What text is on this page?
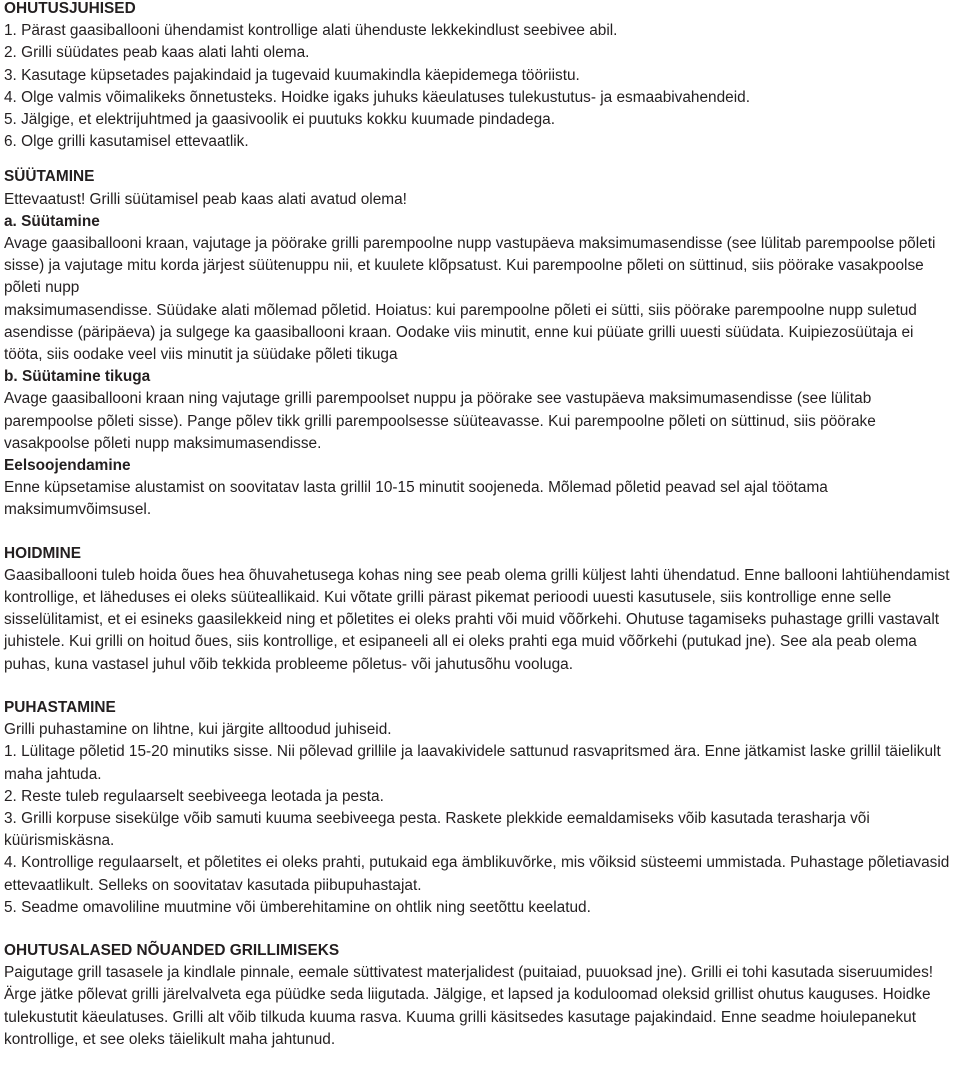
OHUTUSJUHISED
1. Pärast gaasiballooni ühendamist kontrollige alati ühenduste lekkekindlust seebivee abil.
2. Grilli süüdates peab kaas alati lahti olema.
3. Kasutage küpsetades pajakindaid ja tugevaid kuumakindla käepidemega tööriistu.
4. Olge valmis võimalikeks õnnetusteks. Hoidke igaks juhuks käeulatuses tulekustutus- ja esmaabivahendeid.
5. Jälgige, et elektrijuhtmed ja gaasivoolik ei puutuks kokku kuumade pindadega.
6. Olge grilli kasutamisel ettevaatlik.
SÜÜTAMINE
Ettevaatust! Grilli süütamisel peab kaas alati avatud olema!
a. Süütamine
Avage gaasiballooni kraan, vajutage ja pöörake grilli parempoolne nupp vastupäeva maksimumasendisse (see lülitab parempoolse põleti sisse) ja vajutage mitu korda järjest süütenuppu nii, et kuulete klõpsatust. Kui parempoolne põleti on süttinud, siis pöörake vasakpoolse põleti nupp
maksimumasendisse. Süüdake alati mõlemad põletid. Hoiatus: kui parempoolne põleti ei sütti, siis pöörake parempoolne nupp suletud asendisse (päripäeva) ja sulgege ka gaasiballooni kraan. Oodake viis minutit, enne kui püüate grilli uuesti süüdata. Kuipiezosüütaja ei tööta, siis oodake veel viis minutit ja süüdake põleti tikuga
b. Süütamine tikuga
Avage gaasiballooni kraan ning vajutage grilli parempoolset nuppu ja pöörake see vastupäeva maksimumasendisse (see lülitab parempoolse põleti sisse). Pange põlev tikk grilli parempoolsesse süüteavasse. Kui parempoolne põleti on süttinud, siis pöörake vasakpoolse põleti nupp maksimumasendisse.
Eelsoojendamine
Enne küpsetamise alustamist on soovitatav lasta grillil 10-15 minutit soojeneda. Mõlemad põletid peavad sel ajal töötama maksimumvõimsusel.
HOIDMINE
Gaasiballooni tuleb hoida õues hea õhuvahetusega kohas ning see peab olema grilli küljest lahti ühendatud. Enne ballooni lahtiühendamist kontrollige, et läheduses ei oleks süüteallikaid. Kui võtate grilli pärast pikemat perioodi uuesti kasutusele, siis kontrollige enne selle sisselülitamist, et ei esineks gaasilekkeid ning et põletites ei oleks prahti või muid võõrkehi. Ohutuse tagamiseks puhastage grilli vastavalt juhistele. Kui grilli on hoitud õues, siis kontrollige, et esipaneeli all ei oleks prahti ega muid võõrkehi (putukad jne). See ala peab olema puhas, kuna vastasel juhul võib tekkida probleeme põletus- või jahutusõhu vooluga.
PUHASTAMINE
Grilli puhastamine on lihtne, kui järgite alltoodud juhiseid.
1. Lülitage põletid 15-20 minutiks sisse. Nii põlevad grillile ja laavakividele sattunud rasvapritsmed ära. Enne jätkamist laske grillil täielikult maha jahtuda.
2. Reste tuleb regulaarselt seebiveega leotada ja pesta.
3. Grilli korpuse sisekülge võib samuti kuuma seebiveega pesta. Raskete plekkide eemaldamiseks võib kasutada terasharja või küürismiskäsna.
4. Kontrollige regulaarselt, et põletites ei oleks prahti, putukaid ega ämblikuvõrke, mis võiksid süsteemi ummistada. Puhastage põletiavasid ettevaatlikult. Selleks on soovitatav kasutada piibupuhastajat.
5. Seadme omavoliline muutmine või ümberehitamine on ohtlik ning seetõttu keelatud.
OHUTUSALASED NÕUANDED GRILLIMISEKS
Paigutage grill tasasele ja kindlale pinnale, eemale süttivatest materjalidest (puitaiad, puuoksad jne). Grilli ei tohi kasutada siseruumides! Ärge jätke põlevat grilli järelvalveta ega püüdke seda liigutada. Jälgige, et lapsed ja koduloomad oleksid grillist ohutus kauguses. Hoidke tulekustutit käeulatuses. Grilli alt võib tilkuda kuuma rasva. Kuuma grilli käsitsedes kasutage pajakindaid. Enne seadme hoiulepanekut kontrollige, et see oleks täielikult maha jahtunud.
